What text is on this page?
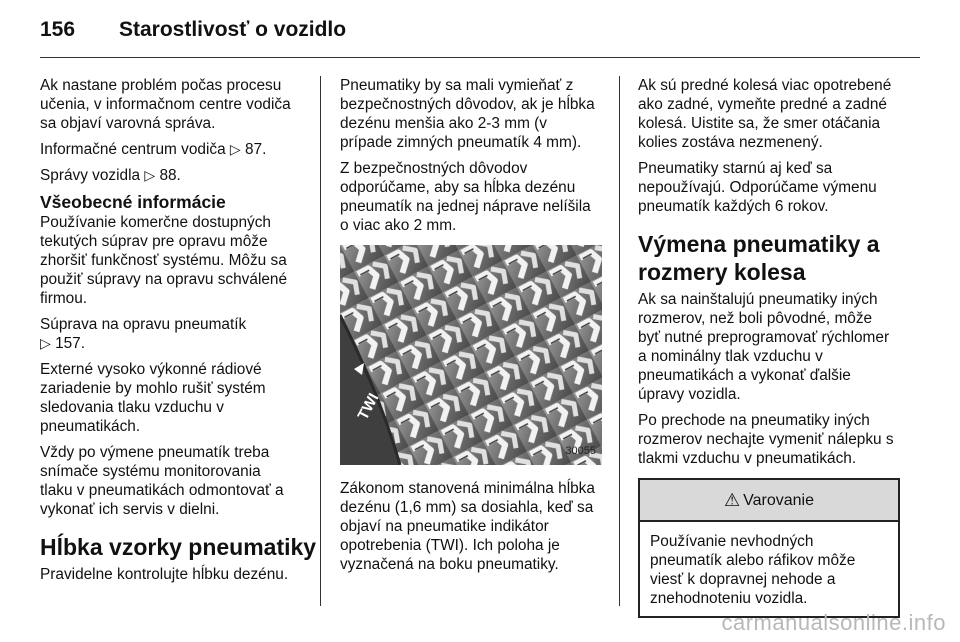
156 Starostlivosť o vozidlo

Ak nastane problém počas procesu
učenia, v informačnom centre vodiča
sa objaví varovná správa.

Informačné centrum vodiča ▷ 87.

Správy vozidla ▷ 88.

Všeobecné informácie

Používanie komerčne dostupných
tekutých súprav pre opravu môže
zhoršiť funkčnosť systému. Môžu sa
použiť súpravy na opravu schválené
firmou.

Súprava na opravu pneumatík
▷ 157.

Externé vysoko výkonné rádiové
zariadenie by mohlo rušiť systém
sledovania tlaku vzduchu v
pneumatikách.

Vždy po výmene pneumatík treba
snímače systému monitorovania
tlaku v pneumatikách odmontovať a
vykonať ich servis v dielni.

Hĺbka vzorky pneumatiky

Pravidelne kontrolujte hĺbku dezénu.

Pneumatiky by sa mali vymieňať z
bezpečnostných dôvodov, ak je hĺbka
dezénu menšia ako 2-3 mm (v
prípade zimných pneumatík 4 mm).

Z bezpečnostných dôvodov
odporúčame, aby sa hĺbka dezénu
pneumatík na jednej náprave nelíšila
o viac ako 2 mm.

TWI
30055

Zákonom stanovená minimálna hĺbka
dezénu (1,6 mm) sa dosiahla, keď sa
objaví na pneumatike indikátor
opotrebenia (TWI). Ich poloha je
vyznačená na boku pneumatiky.

Ak sú predné kolesá viac opotrebené
ako zadné, vymeňte predné a zadné
kolesá. Uistite sa, že smer otáčania
kolies zostáva nezmenený.

Pneumatiky starnú aj keď sa
nepoužívajú. Odporúčame výmenu
pneumatík každých 6 rokov.

Výmena pneumatiky a
rozmery kolesa

Ak sa nainštalujú pneumatiky iných
rozmerov, než boli pôvodné, môže
byť nutné preprogramovať rýchlomer
a nominálny tlak vzduchu v
pneumatikách a vykonať ďalšie
úpravy vozidla.

Po prechode na pneumatiky iných
rozmerov nechajte vymeniť nálepku s
tlakmi vzduchu v pneumatikách.

⚠ Varovanie
Používanie nevhodných
pneumatík alebo ráfikov môže
viesť k dopravnej nehode a
znehodnoteniu vozidla.
carmanualsonline.info
